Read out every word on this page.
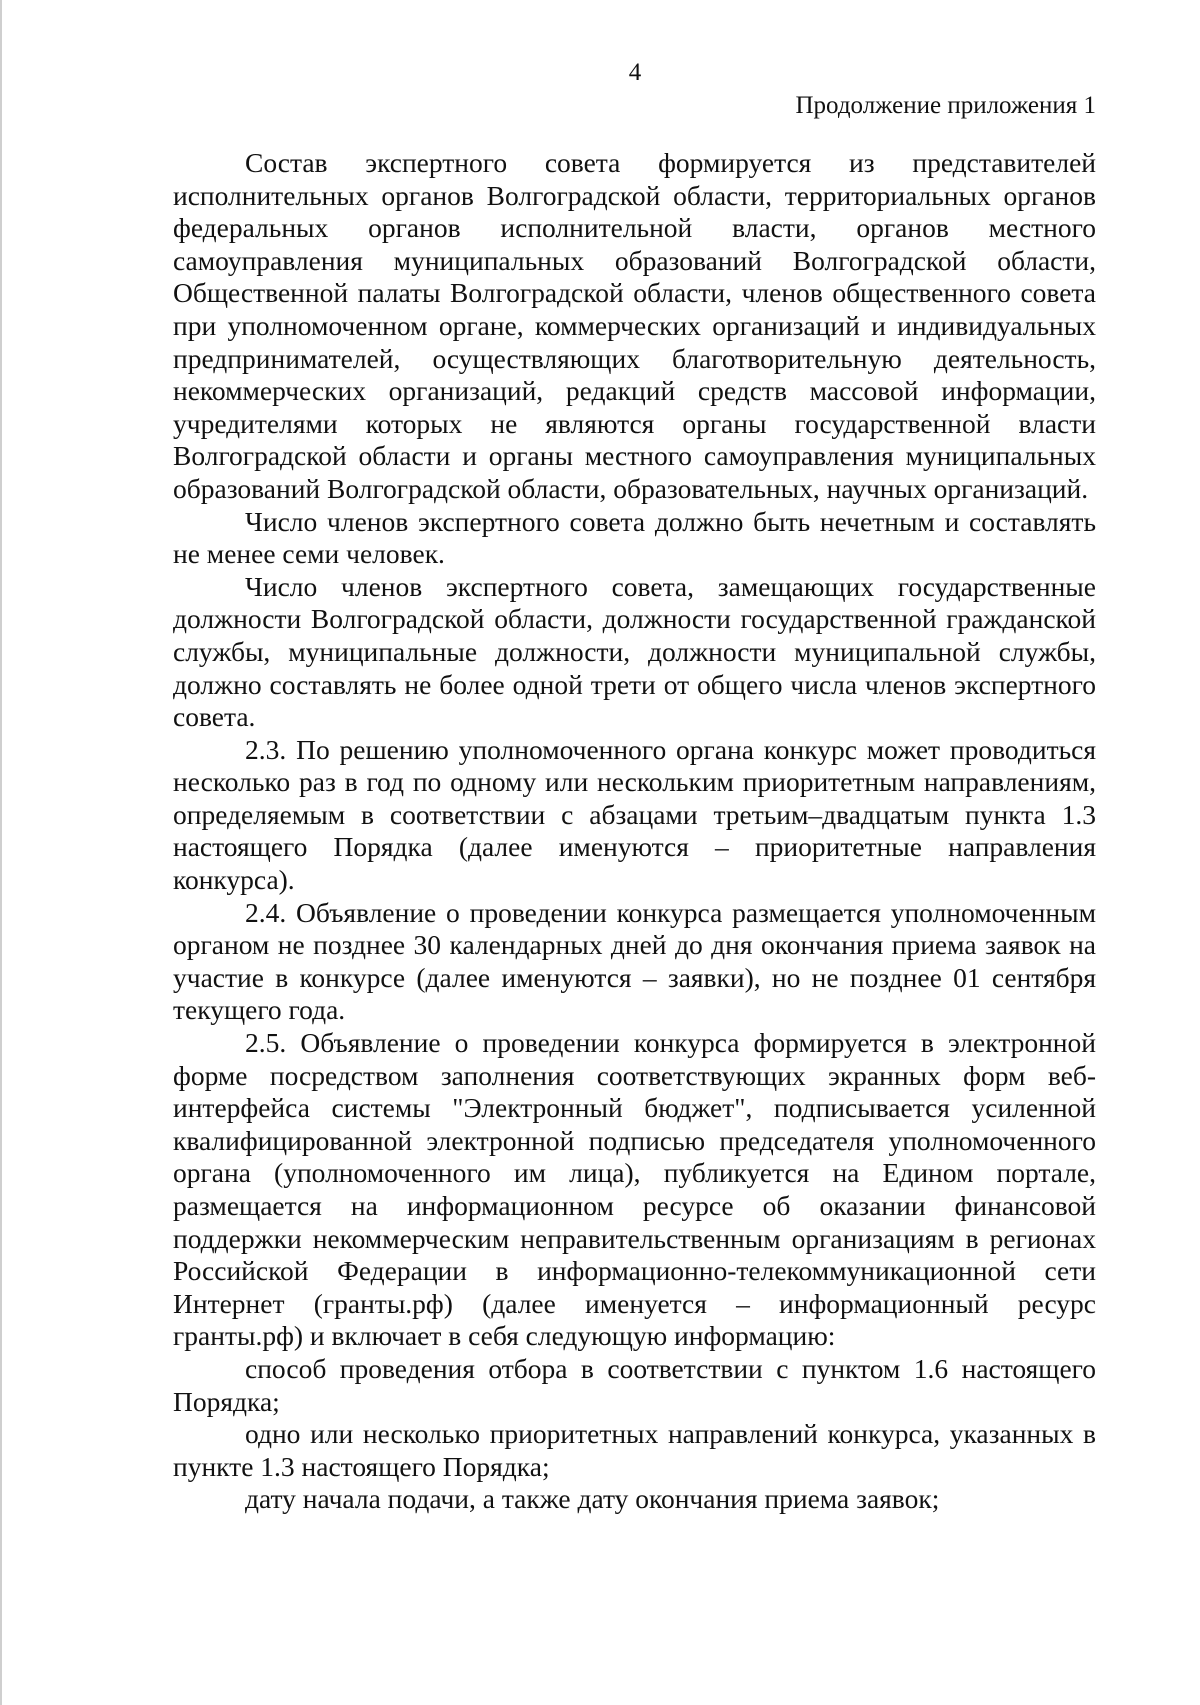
4
Продолжение приложения 1

Состав экспертного совета формируется из представителей исполнительных органов Волгоградской области, территориальных органов федеральных органов исполнительной власти, органов местного самоуправления муниципальных образований Волгоградской области, Общественной палаты Волгоградской области, членов общественного совета при уполномоченном органе, коммерческих организаций и индивидуальных предпринимателей, осуществляющих благотворительную деятельность, некоммерческих организаций, редакций средств массовой информации, учредителями которых не являются органы государственной власти Волгоградской области и органы местного самоуправления муниципальных образований Волгоградской области, образовательных, научных организаций.

Число членов экспертного совета должно быть нечетным и составлять не менее семи человек.

Число членов экспертного совета, замещающих государственные должности Волгоградской области, должности государственной гражданской службы, муниципальные должности, должности муниципальной службы, должно составлять не более одной трети от общего числа членов экспертного совета.

2.3. По решению уполномоченного органа конкурс может проводиться несколько раз в год по одному или нескольким приоритетным направлениям, определяемым в соответствии с абзацами третьим–двадцатым пункта 1.3 настоящего Порядка (далее именуются – приоритетные направления конкурса).

2.4. Объявление о проведении конкурса размещается уполномоченным органом не позднее 30 календарных дней до дня окончания приема заявок на участие в конкурсе (далее именуются – заявки), но не позднее 01 сентября текущего года.

2.5. Объявление о проведении конкурса формируется в электронной форме посредством заполнения соответствующих экранных форм веб-интерфейса системы "Электронный бюджет", подписывается усиленной квалифицированной электронной подписью председателя уполномоченного органа (уполномоченного им лица), публикуется на Едином портале, размещается на информационном ресурсе об оказании финансовой поддержки некоммерческим неправительственным организациям в регионах Российской Федерации в информационно-телекоммуникационной сети Интернет (гранты.рф) (далее именуется – информационный ресурс гранты.рф) и включает в себя следующую информацию:

способ проведения отбора в соответствии с пунктом 1.6 настоящего Порядка;

одно или несколько приоритетных направлений конкурса, указанных в пункте 1.3 настоящего Порядка;

дату начала подачи, а также дату окончания приема заявок;
